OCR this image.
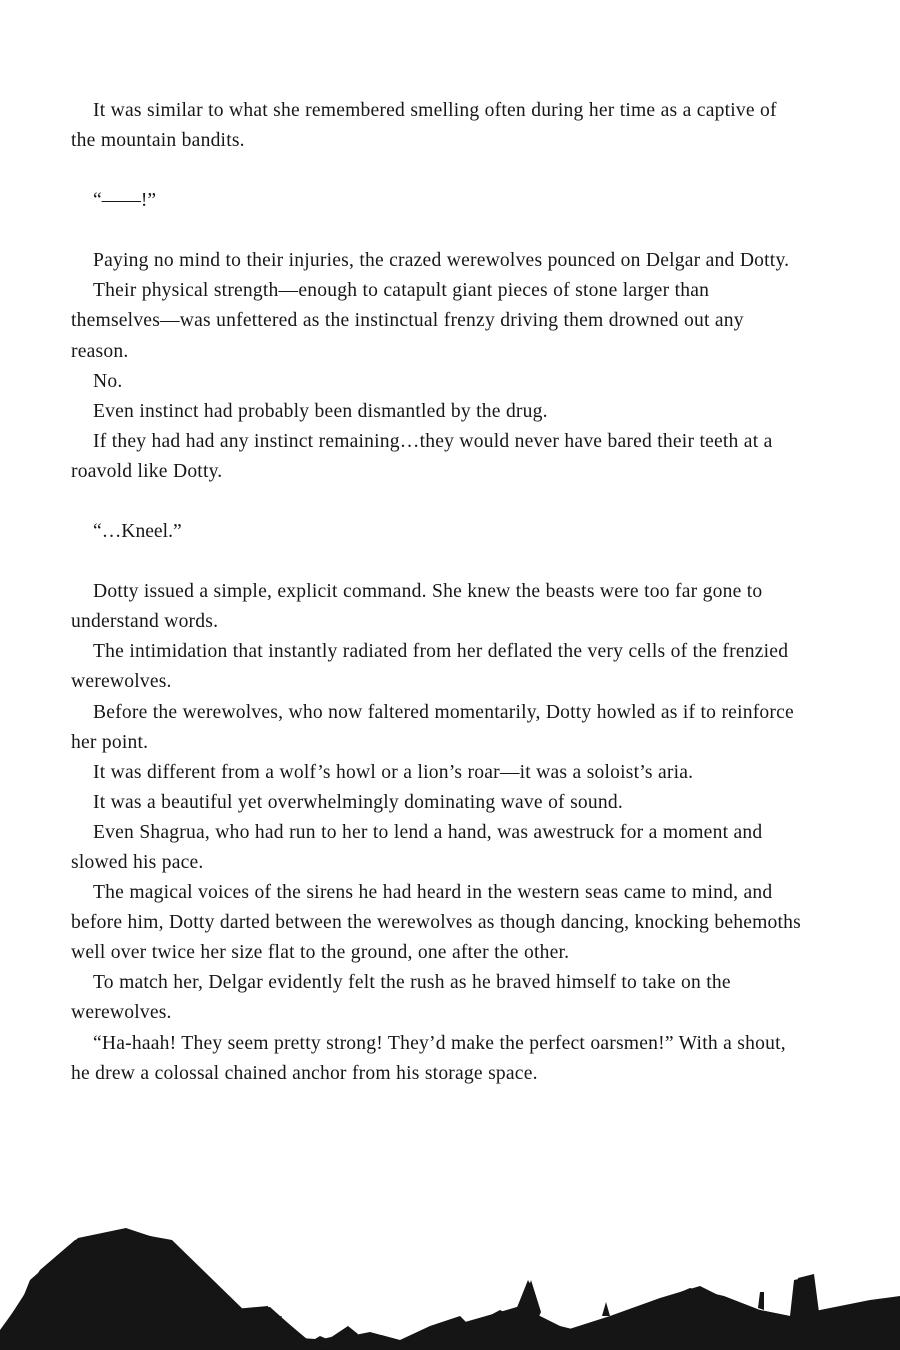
It was similar to what she remembered smelling often during her time as a captive of the mountain bandits.

“——!”

Paying no mind to their injuries, the crazed werewolves pounced on Delgar and Dotty.

Their physical strength—enough to catapult giant pieces of stone larger than themselves—was unfettered as the instinctual frenzy driving them drowned out any reason.

No.

Even instinct had probably been dismantled by the drug.

If they had had any instinct remaining…they would never have bared their teeth at a roavold like Dotty.

“…Kneel.”

Dotty issued a simple, explicit command. She knew the beasts were too far gone to understand words.

The intimidation that instantly radiated from her deflated the very cells of the frenzied werewolves.

Before the werewolves, who now faltered momentarily, Dotty howled as if to reinforce her point.

It was different from a wolf’s howl or a lion’s roar—it was a soloist’s aria.

It was a beautiful yet overwhelmingly dominating wave of sound.

Even Shagrua, who had run to her to lend a hand, was awestruck for a moment and slowed his pace.

The magical voices of the sirens he had heard in the western seas came to mind, and before him, Dotty darted between the werewolves as though dancing, knocking behemoths well over twice her size flat to the ground, one after the other.

To match her, Delgar evidently felt the rush as he braved himself to take on the werewolves.

“Ha-haah! They seem pretty strong! They’d make the perfect oarsmen!” With a shout, he drew a colossal chained anchor from his storage space.
